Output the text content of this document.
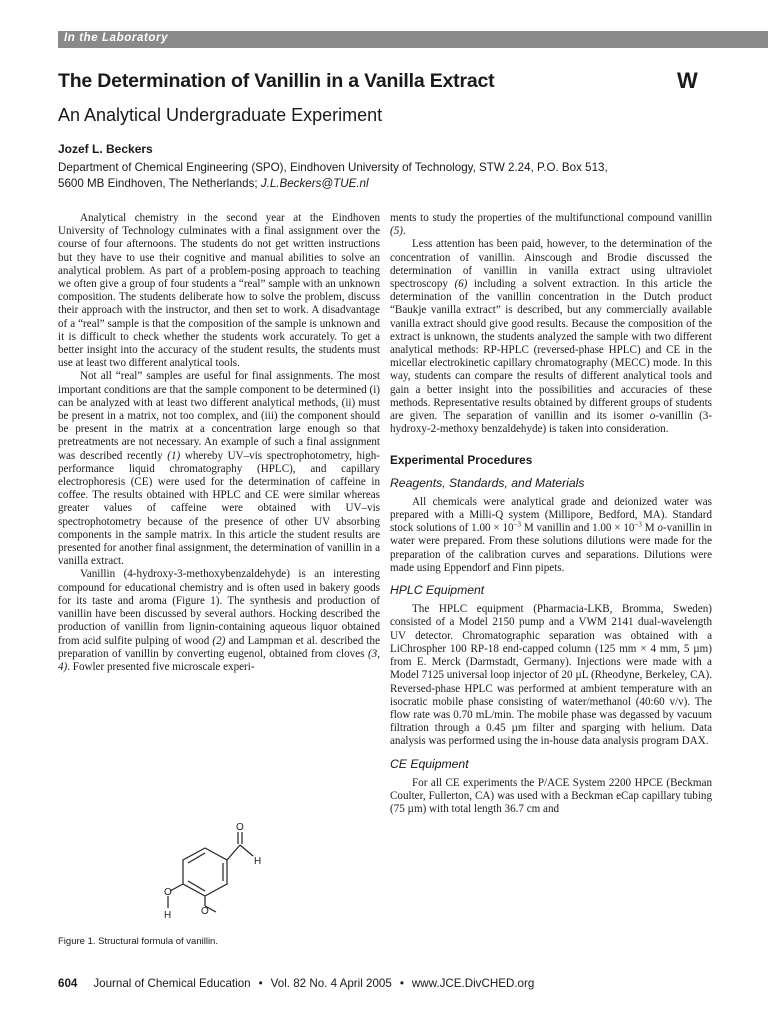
In the Laboratory
The Determination of Vanillin in a Vanilla Extract	W
An Analytical Undergraduate Experiment
Jozef L. Beckers
Department of Chemical Engineering (SPO), Eindhoven University of Technology, STW 2.24, P.O. Box 513,
5600 MB Eindhoven, The Netherlands; J.L.Beckers@TUE.nl

Analytical chemistry in the second year at the Eindhoven University of Technology culminates with a final assignment over the course of four afternoons. The students do not get written instructions but they have to use their cognitive and manual abilities to solve an analytical problem. As part of a problem-posing approach to teaching we often give a group of four students a “real” sample with an unknown composition. The students deliberate how to solve the problem, discuss their approach with the instructor, and then set to work. A disadvantage of a “real” sample is that the composition of the sample is unknown and it is difficult to check whether the students work accurately. To get a better insight into the accuracy of the student results, the students must use at least two different analytical tools.

Not all “real” samples are useful for final assignments. The most important conditions are that the sample component to be determined (i) can be analyzed with at least two different analytical methods, (ii) must be present in a matrix, not too complex, and (iii) the component should be present in the matrix at a concentration large enough so that pretreatments are not necessary. An example of such a final assignment was described recently (1) whereby UV–vis spectrophotometry, high-performance liquid chromatography (HPLC), and capillary electrophoresis (CE) were used for the determination of caffeine in coffee. The results obtained with HPLC and CE were similar whereas greater values of caffeine were obtained with UV–vis spectrophotometry because of the presence of other UV absorbing components in the sample matrix. In this article the student results are presented for another final assignment, the determination of vanillin in a vanilla extract.

Vanillin (4-hydroxy-3-methoxybenzaldehyde) is an interesting compound for educational chemistry and is often used in bakery goods for its taste and aroma (Figure 1). The synthesis and production of vanillin have been discussed by several authors. Hocking described the production of vanillin from lignin-containing aqueous liquor obtained from acid sulfite pulping of wood (2) and Lampman et al. described the preparation of vanillin by converting eugenol, obtained from cloves (3, 4). Fowler presented five microscale experi-

ments to study the properties of the multifunctional compound vanillin (5).

Less attention has been paid, however, to the determination of the concentration of vanillin. Ainscough and Brodie discussed the determination of vanillin in vanilla extract using ultraviolet spectroscopy (6) including a solvent extraction. In this article the determination of the vanillin concentration in the Dutch product “Baukje vanilla extract” is described, but any commercially available vanilla extract should give good results. Because the composition of the extract is unknown, the students analyzed the sample with two different analytical methods: RP-HPLC (reversed-phase HPLC) and CE in the micellar electrokinetic capillary chromatography (MECC) mode. In this way, students can compare the results of different analytical tools and gain a better insight into the possibilities and accuracies of these methods. Representative results obtained by different groups of students are given. The separation of vanillin and its isomer o-vanillin (3-hydroxy-2-methoxy benzaldehyde) is taken into consideration.

Experimental Procedures
Reagents, Standards, and Materials

All chemicals were analytical grade and deionized water was prepared with a Milli-Q system (Millipore, Bedford, MA). Standard stock solutions of $1.00 \times 10^{-3}$ M vanillin and $1.00 \times 10^{-3}$ M o-vanillin in water were prepared. From these solutions dilutions were made for the preparation of the calibration curves and separations. Dilutions were made using Eppendorf and Finn pipets.

HPLC Equipment

The HPLC equipment (Pharmacia-LKB, Bromma, Sweden) consisted of a Model 2150 pump and a VWM 2141 dual-wavelength UV detector. Chromatographic separation was obtained with a LiChrospher 100 RP-18 end-capped column (125 mm × 4 mm, 5 µm) from E. Merck (Darmstadt, Germany). Injections were made with a Model 7125 universal loop injector of 20 µL (Rheodyne, Berkeley, CA). Reversed-phase HPLC was performed at ambient temperature with an isocratic mobile phase consisting of water/methanol (40:60 v/v). The flow rate was 0.70 mL/min. The mobile phase was degassed by vacuum filtration through a 0.45 µm filter and sparging with helium. Data analysis was performed using the in-house data analysis program DAX.

CE Equipment

For all CE experiments the P/ACE System 2200 HPCE (Beckman Coulter, Fullerton, CA) was used with a Beckman eCap capillary tubing (75 µm) with total length 36.7 cm and

O
H
O
H	O
Figure 1. Structural formula of vanillin.
604 Journal of Chemical Education • Vol. 82 No. 4 April 2005 • www.JCE.DivCHED.org
